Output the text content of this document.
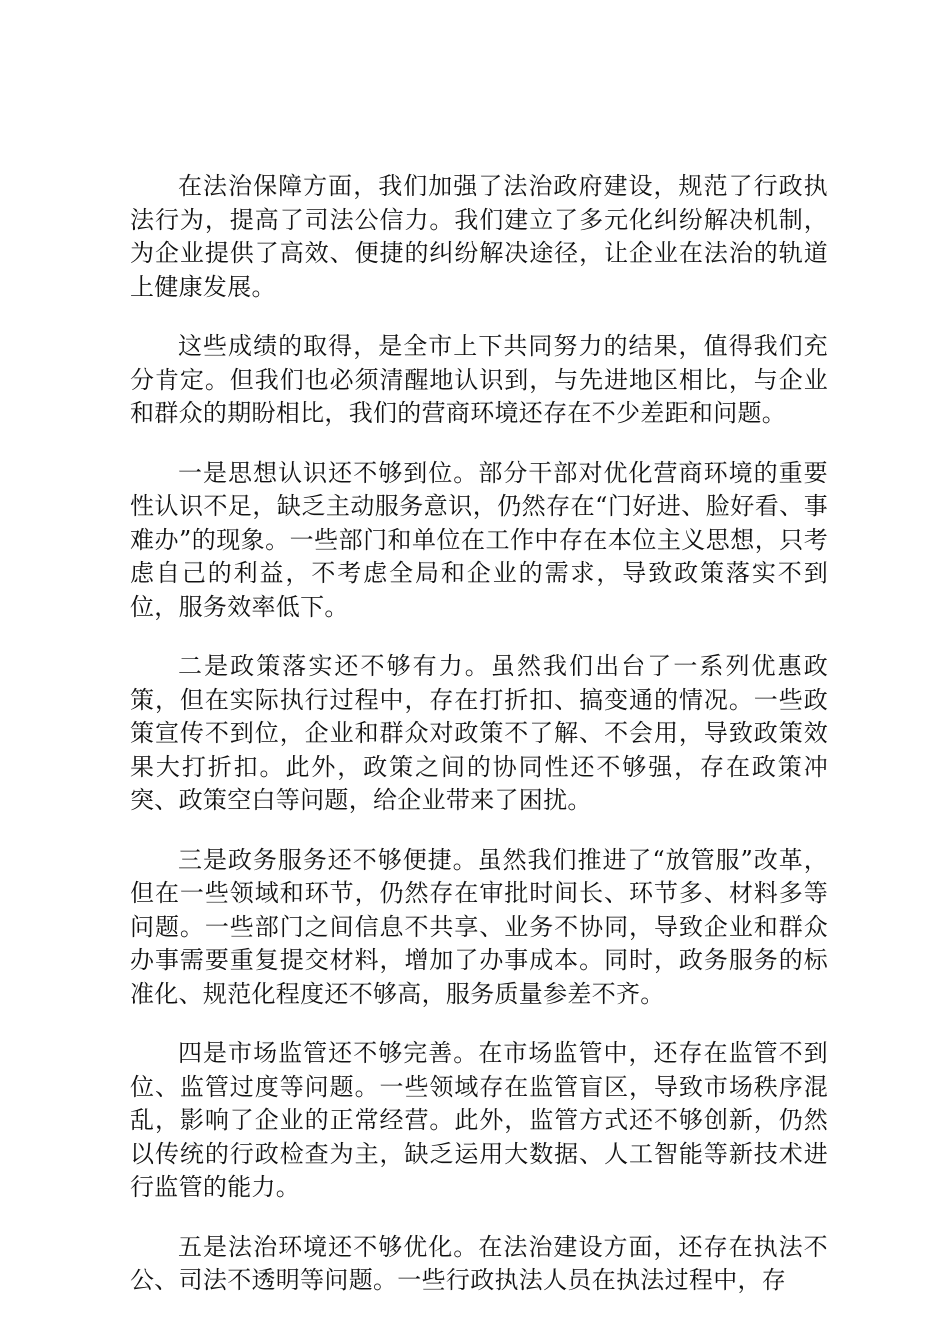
在法治保障方面，我们加强了法治政府建设，规范了行政执法行为，提高了司法公信力。我们建立了多元化纠纷解决机制，为企业提供了高效、便捷的纠纷解决途径，让企业在法治的轨道上健康发展。

这些成绩的取得，是全市上下共同努力的结果，值得我们充分肯定。但我们也必须清醒地认识到，与先进地区相比，与企业和群众的期盼相比，我们的营商环境还存在不少差距和问题。

一是思想认识还不够到位。部分干部对优化营商环境的重要性认识不足，缺乏主动服务意识，仍然存在“门好进、脸好看、事难办”的现象。一些部门和单位在工作中存在本位主义思想，只考虑自己的利益，不考虑全局和企业的需求，导致政策落实不到位，服务效率低下。

二是政策落实还不够有力。虽然我们出台了一系列优惠政策，但在实际执行过程中，存在打折扣、搞变通的情况。一些政策宣传不到位，企业和群众对政策不了解、不会用，导致政策效果大打折扣。此外，政策之间的协同性还不够强，存在政策冲突、政策空白等问题，给企业带来了困扰。

三是政务服务还不够便捷。虽然我们推进了“放管服”改革，但在一些领域和环节，仍然存在审批时间长、环节多、材料多等问题。一些部门之间信息不共享、业务不协同，导致企业和群众办事需要重复提交材料，增加了办事成本。同时，政务服务的标准化、规范化程度还不够高，服务质量参差不齐。

四是市场监管还不够完善。在市场监管中，还存在监管不到位、监管过度等问题。一些领域存在监管盲区，导致市场秩序混乱，影响了企业的正常经营。此外，监管方式还不够创新，仍然以传统的行政检查为主，缺乏运用大数据、人工智能等新技术进行监管的能力。

五是法治环境还不够优化。在法治建设方面，还存在执法不公、司法不透明等问题。一些行政执法人员在执法过程中，存
